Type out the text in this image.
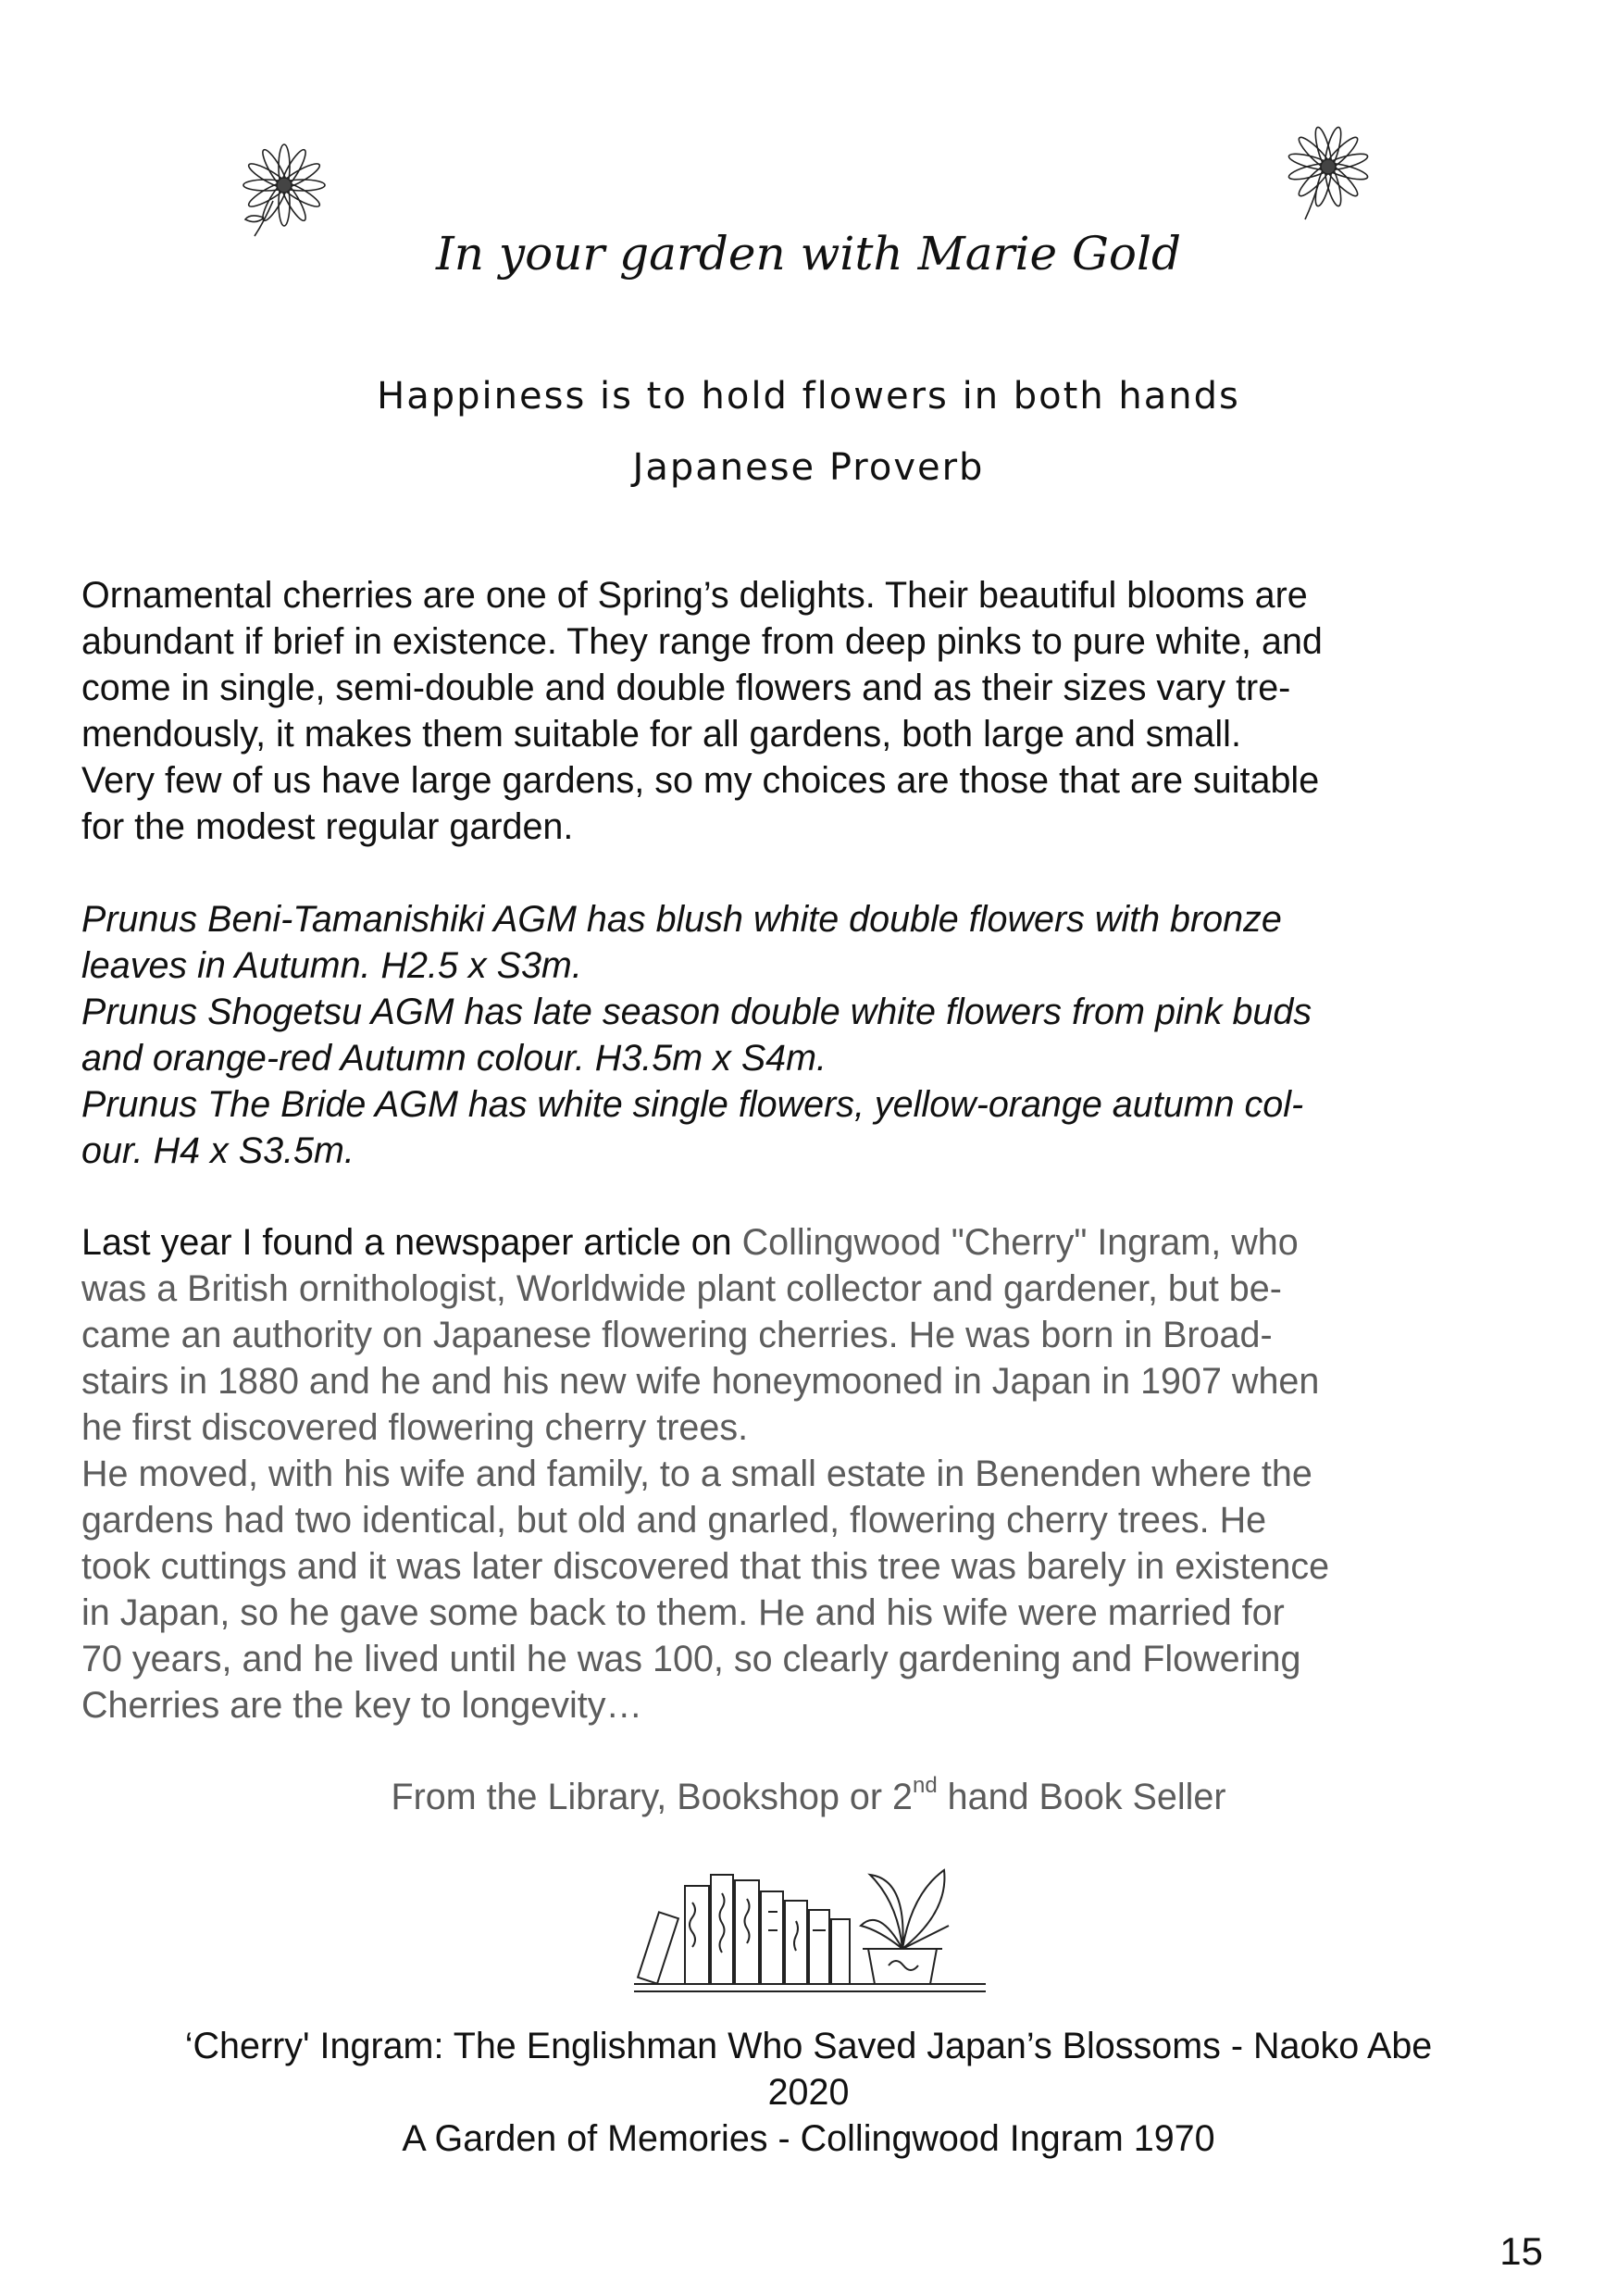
In your garden with Marie Gold
Happiness is to hold flowers in both hands
Japanese Proverb

Ornamental cherries are one of Spring’s delights. Their beautiful blooms are

abundant if brief in existence. They range from deep pinks to pure white, and

come in single, semi-double and double flowers and as their sizes vary tre-

mendously, it makes them suitable for all gardens, both large and small.

Very few of us have large gardens, so my choices are those that are suitable

for the modest regular garden.

Prunus Beni-Tamanishiki AGM has blush white double flowers with bronze

leaves in Autumn. H2.5 x S3m.

Prunus Shogetsu AGM has late season double white flowers from pink buds

and orange-red Autumn colour. H3.5m x S4m.

Prunus The Bride AGM has white single flowers, yellow-orange autumn col-

our. H4 x S3.5m.

Last year I found a newspaper article on Collingwood "Cherry" Ingram, who

was a British ornithologist, Worldwide plant collector and gardener, but be-

came an authority on Japanese flowering cherries. He was born in Broad-

stairs in 1880 and he and his new wife honeymooned in Japan in 1907 when

he first discovered flowering cherry trees.

He moved, with his wife and family, to a small estate in Benenden where the

gardens had two identical, but old and gnarled, flowering cherry trees. He

took cuttings and it was later discovered that this tree was barely in existence

in Japan, so he gave some back to them. He and his wife were married for

70 years, and he lived until he was 100, so clearly gardening and Flowering

Cherries are the key to longevity…

From the Library, Bookshop or 2nd hand Book Seller
‘Cherry' Ingram: The Englishman Who Saved Japan’s Blossoms - Naoko Abe
2020
A Garden of Memories - Collingwood Ingram 1970
15
